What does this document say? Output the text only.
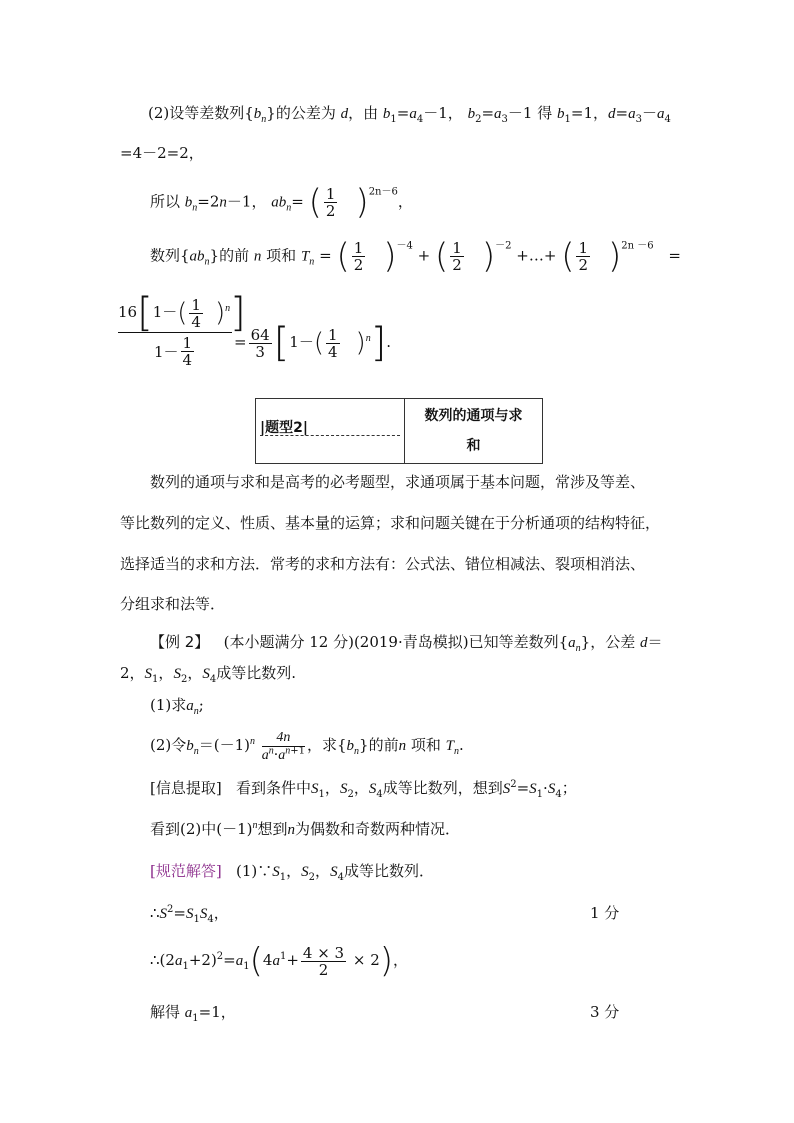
(2)设等差数列$\{b_n\}$的公差为 d，由 $b_1=a_4-1$， $b_2=a_3-1$ 得 $b_1=1$，$d=a_3-a_4$
=4－2=2，
所以 $b_n=2n-1$， $ab_n=$ ( $\frac{1}{2} )^{2n-6}$，
数列$\{ab_n\}$的前 n 项和 $T_n$ = ( $\frac{1}{2} )^{-4}$ + ( $\frac{1}{2} )^{-2}$ +…+ ( $\frac{1}{2} )^{2n -6}$ =
$\frac{16[1-( \frac{1}{4} )^n]}{1- \frac{1}{4}} = \frac{64}{3} [1-( \frac{1}{4} )^n]$.
|题型2|
数列的通项与求
和
数列的通项与求和是高考的必考题型，求通项属于基本问题，常涉及等差、
等比数列的定义、性质、基本量的运算；求和问题关键在于分析通项的结构特征，
选择适当的求和方法．常考的求和方法有：公式法、错位相减法、裂项相消法、
分组求和法等．
【例 2】 (本小题满分 12 分)(2019·青岛模拟)已知等差数列$\{a_n\}$，公差 d＝
2，$S_1$，$S_2$，$S_4$成等比数列.
(1)求$a_n$;
(2)令$b_n=(-1)^n \frac{4n}{a^n\cdot a^{n+1}}$ ，求$\{b_n\}$的前n 项和 $T_n$.
[信息提取] 看到条件中$S_1$，$S_2$，$S_4$成等比数列，想到$S^2=S_1\cdot S_4$；
看到(2)中$(-1)^n$想到n为偶数和奇数两种情况．
[规范解答] $(1)\because S_1$，$S_2$，$S_4$成等比数列．
$\therefore S^2=S_1S_4$，	1 分
$\therefore(2a_1+2)^2=a_1(4a^1+ \frac{4 \times 3}{2} \times 2)$，
解得 $a_1=1$，	3 分
